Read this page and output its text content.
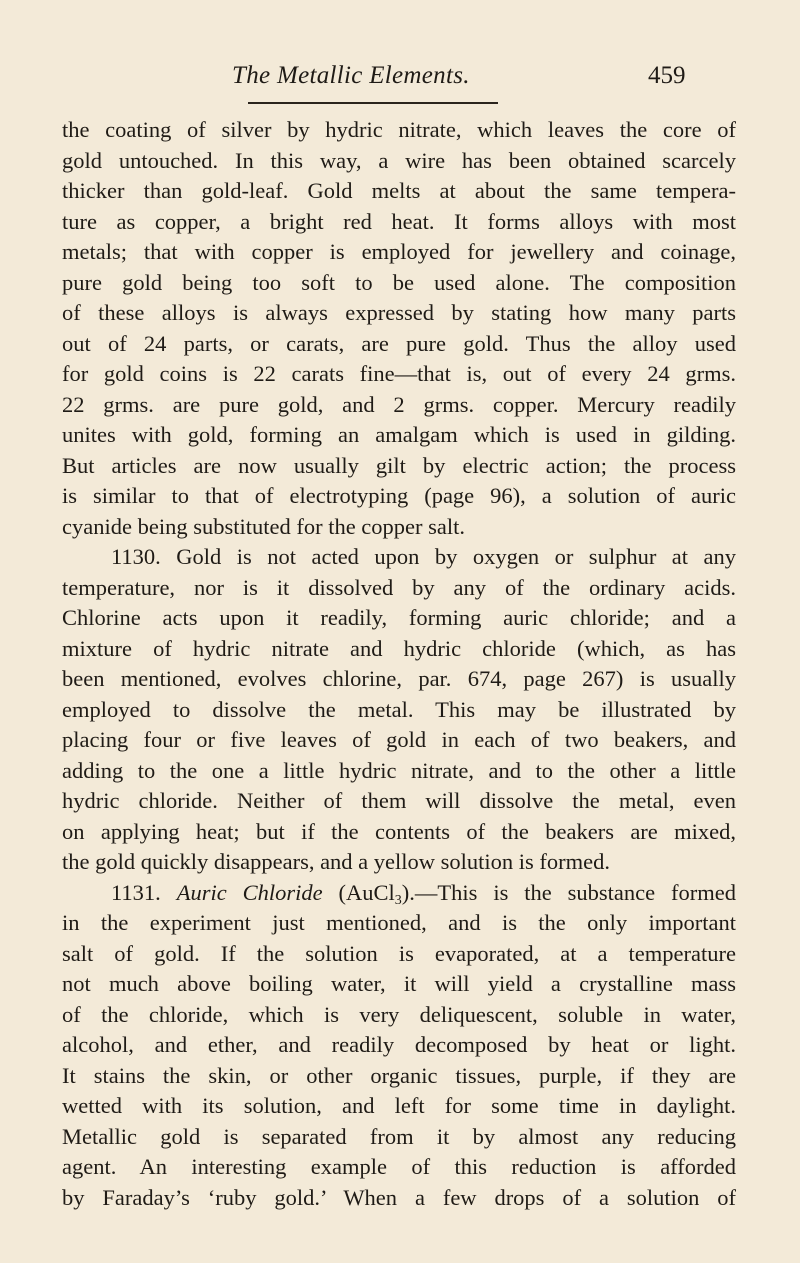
The Metallic Elements.	459
the coating of silver by hydric nitrate, which leaves the core of
gold untouched. In this way, a wire has been obtained scarcely
thicker than gold-leaf. Gold melts at about the same tempera-
ture as copper, a bright red heat. It forms alloys with most
metals; that with copper is employed for jewellery and coinage,
pure gold being too soft to be used alone. The composition
of these alloys is always expressed by stating how many parts
out of 24 parts, or carats, are pure gold. Thus the alloy used
for gold coins is 22 carats fine—that is, out of every 24 grms.
22 grms. are pure gold, and 2 grms. copper. Mercury readily
unites with gold, forming an amalgam which is used in gilding.
But articles are now usually gilt by electric action; the process
is similar to that of electrotyping (page 96), a solution of auric
cyanide being substituted for the copper salt.
1130. Gold is not acted upon by oxygen or sulphur at any
temperature, nor is it dissolved by any of the ordinary acids.
Chlorine acts upon it readily, forming auric chloride; and a
mixture of hydric nitrate and hydric chloride (which, as has
been mentioned, evolves chlorine, par. 674, page 267) is usually
employed to dissolve the metal. This may be illustrated by
placing four or five leaves of gold in each of two beakers, and
adding to the one a little hydric nitrate, and to the other a little
hydric chloride. Neither of them will dissolve the metal, even
on applying heat; but if the contents of the beakers are mixed,
the gold quickly disappears, and a yellow solution is formed.
1131. Auric Chloride (AuCl$_3$).—This is the substance formed
in the experiment just mentioned, and is the only important
salt of gold. If the solution is evaporated, at a temperature
not much above boiling water, it will yield a crystalline mass
of the chloride, which is very deliquescent, soluble in water,
alcohol, and ether, and readily decomposed by heat or light.
It stains the skin, or other organic tissues, purple, if they are
wetted with its solution, and left for some time in daylight.
Metallic gold is separated from it by almost any reducing
agent. An interesting example of this reduction is afforded
by Faraday’s ‘ruby gold.’ When a few drops of a solution of
